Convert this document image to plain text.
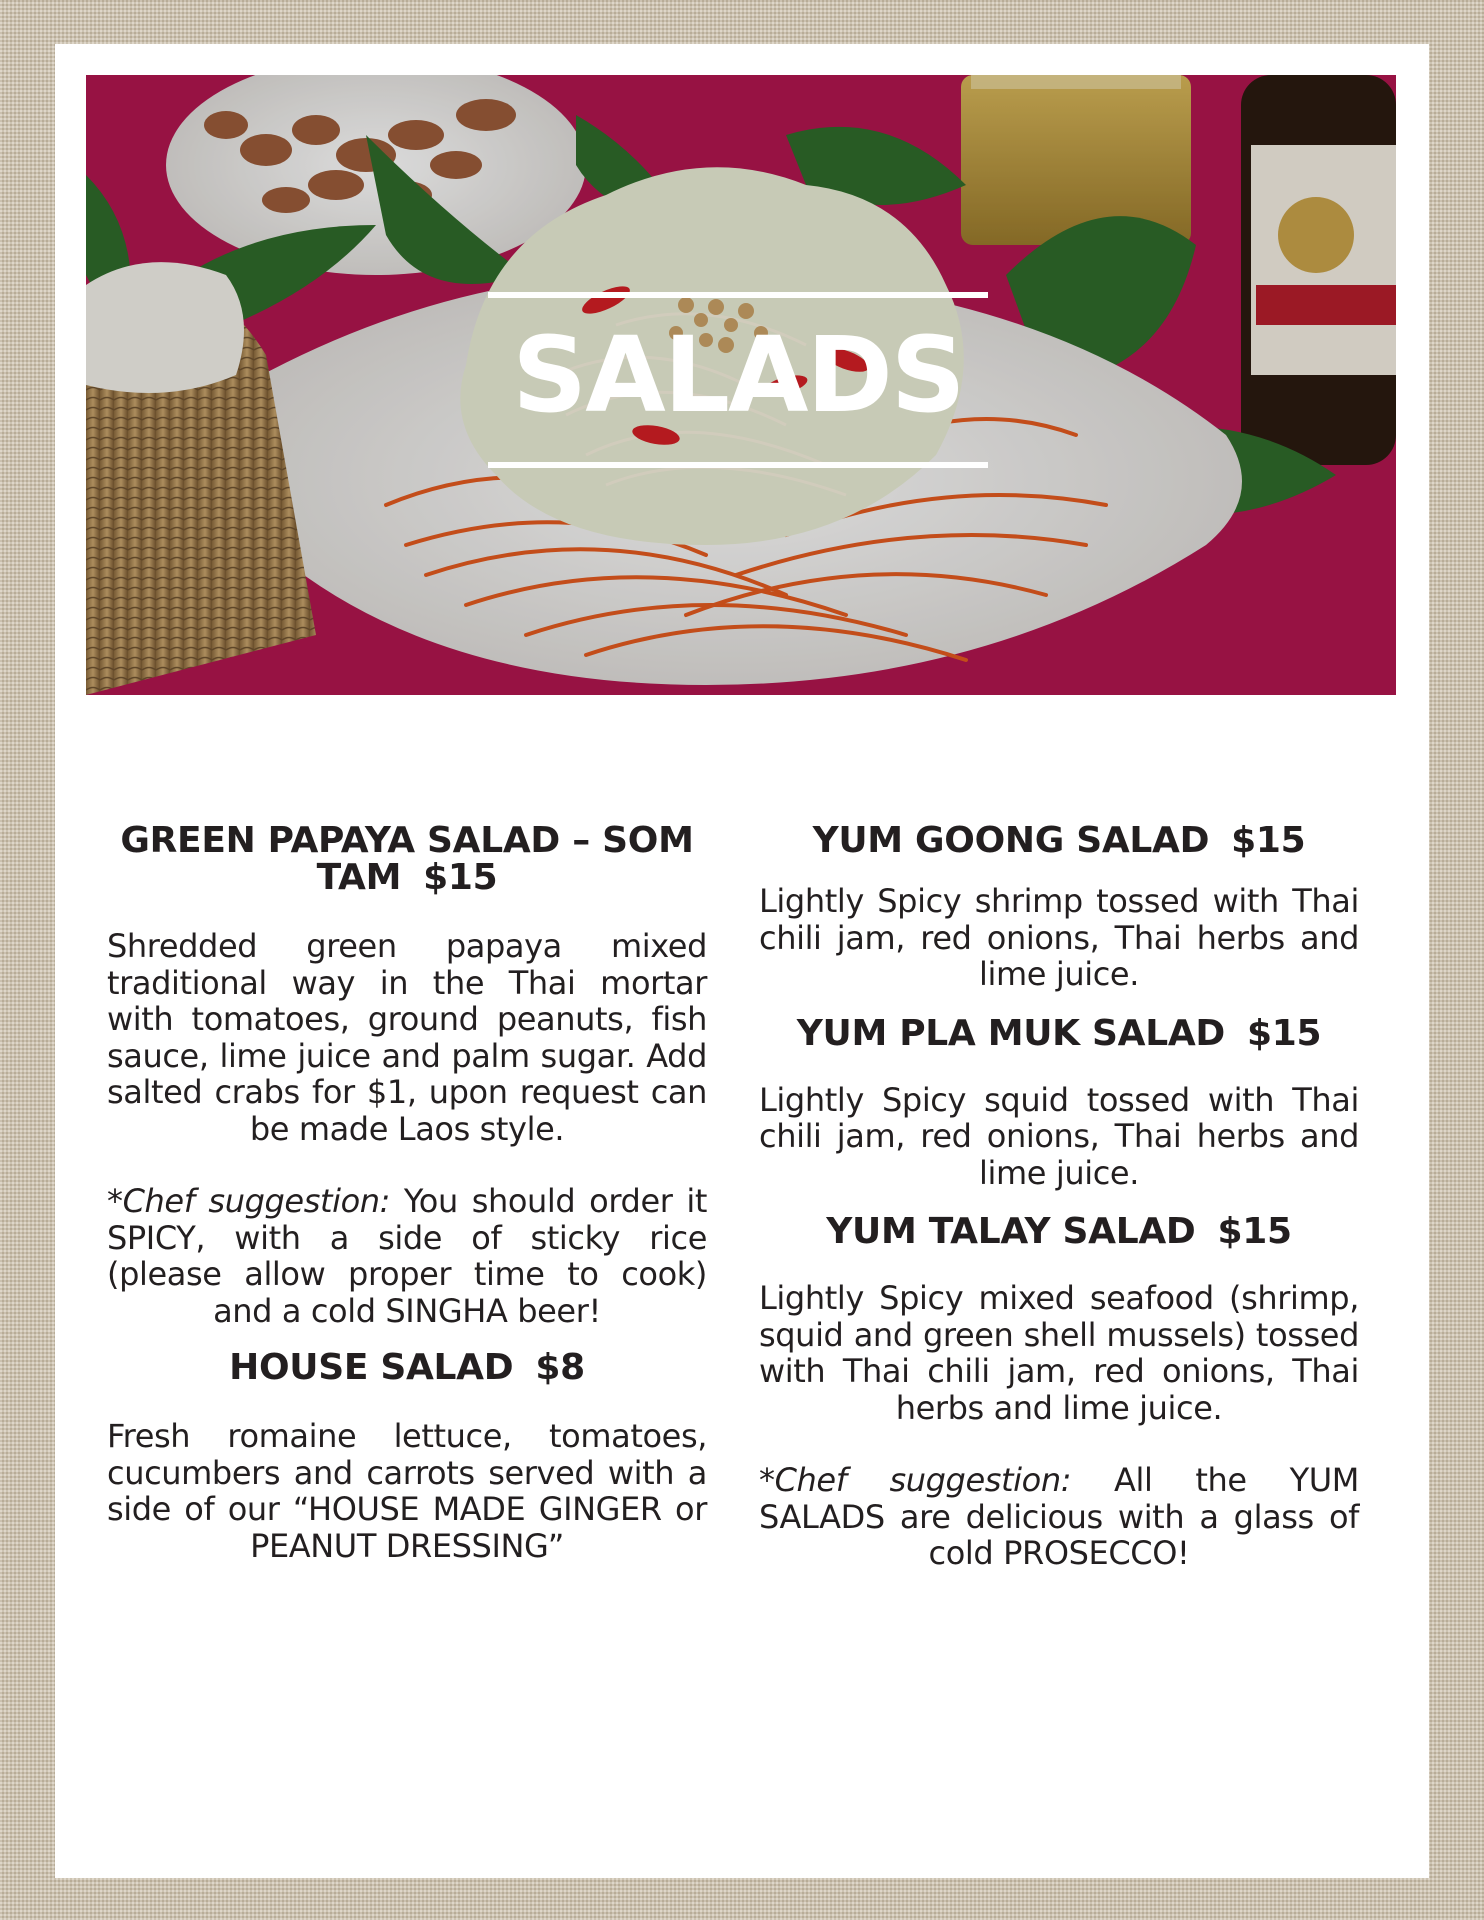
SALADS
GREEN PAPAYA SALAD – SOM TAM $15

Shredded green papaya mixed traditional way in the Thai mortar with tomatoes, ground peanuts, fish sauce, lime juice and palm sugar. Add salted crabs for $1, upon request can be made Laos style.

*Chef suggestion: You should order it SPICY, with a side of sticky rice (please allow proper time to cook) and a cold SINGHA beer!

HOUSE SALAD $8

Fresh romaine lettuce, tomatoes, cucumbers and carrots served with a side of our “HOUSE MADE GINGER or PEANUT DRESSING”

YUM GOONG SALAD $15

Lightly Spicy shrimp tossed with Thai chili jam, red onions, Thai herbs and lime juice.

YUM PLA MUK SALAD $15

Lightly Spicy squid tossed with Thai chili jam, red onions, Thai herbs and lime juice.

YUM TALAY SALAD $15

Lightly Spicy mixed seafood (shrimp, squid and green shell mussels) tossed with Thai chili jam, red onions, Thai herbs and lime juice.

*Chef suggestion: All the YUM SALADS are delicious with a glass of cold PROSECCO!
